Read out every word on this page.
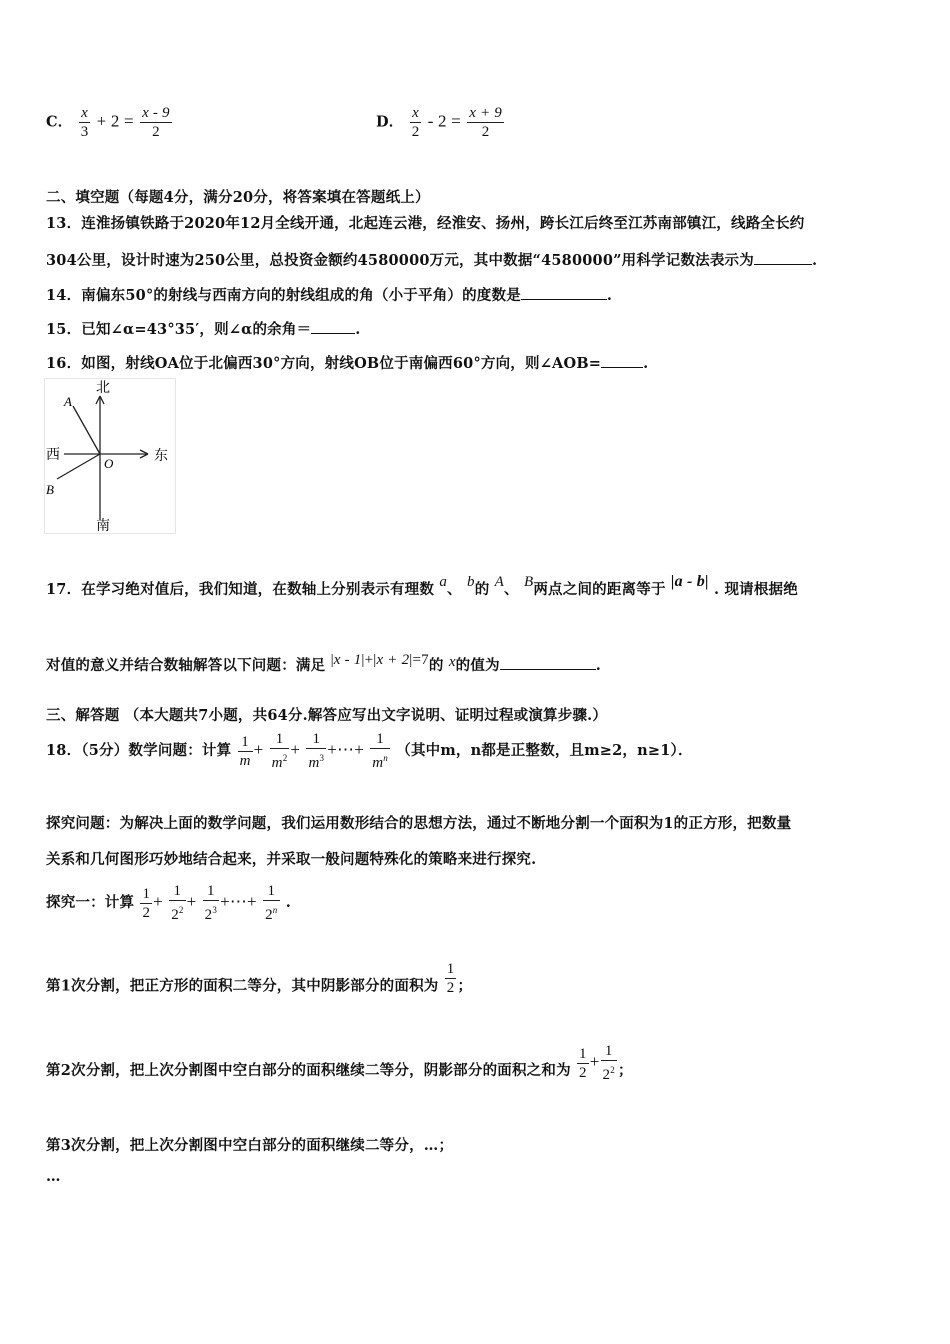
C． $\frac{x}{3} + 2 = \frac{x - 9}{2}$	D． $\frac{x}{2} - 2 = \frac{x + 9}{2}$
二、填空题（每题4分，满分20分，将答案填在答题纸上）
13．连淮扬镇铁路于2020年12月全线开通，北起连云港，经淮安、扬州，跨长江后终至江苏南部镇江，线路全长约
304公里，设计时速为250公里，总投资金额约4580000万元，其中数据“4580000”用科学记数法表示为	.
14．南偏东50°的射线与西南方向的射线组成的角（小于平角）的度数是	.
15．已知∠α=43°35′，则∠α的余角＝	.
16．如图，射线OA位于北偏西30°方向，射线OB位于南偏西60°方向，则∠AOB=	.
北
南
西	东
A
B
O
17．在学习绝对值后，我们知道，在数轴上分别表示有理数 a、 b的 A、 B两点之间的距离等于 |a - b| . 现请根据绝
对值的意义并结合数轴解答以下问题：满足 |x - 1|+|x + 2|=7的 x的值为	.
三、解答题 （本大题共7小题，共64分.解答应写出文字说明、证明过程或演算步骤.）
18．（5分）数学问题：计算 $\frac{1}{m} + \frac{1}{m^2} + \frac{1}{m^3}$ +⋯+ $\frac{1}{m^n}$ （其中m，n都是正整数，且m≥2，n≥1）．
探究问题：为解决上面的数学问题，我们运用数形结合的思想方法，通过不断地分割一个面积为1的正方形，把数量
关系和几何图形巧妙地结合起来，并采取一般问题特殊化的策略来进行探究.
探究一：计算 $\frac{1}{2} + \frac{1}{2^2} + \frac{1}{2^3}$ +⋯+ $\frac{1}{2^n}$ .
第1次分割，把正方形的面积二等分，其中阴影部分的面积为 $\frac{1}{2}$ ；
第2次分割，把上次分割图中空白部分的面积继续二等分，阴影部分的面积之和为 $\frac{1}{2} + \frac{1}{2^2}$ ；
第3次分割，把上次分割图中空白部分的面积继续二等分，…；
…
